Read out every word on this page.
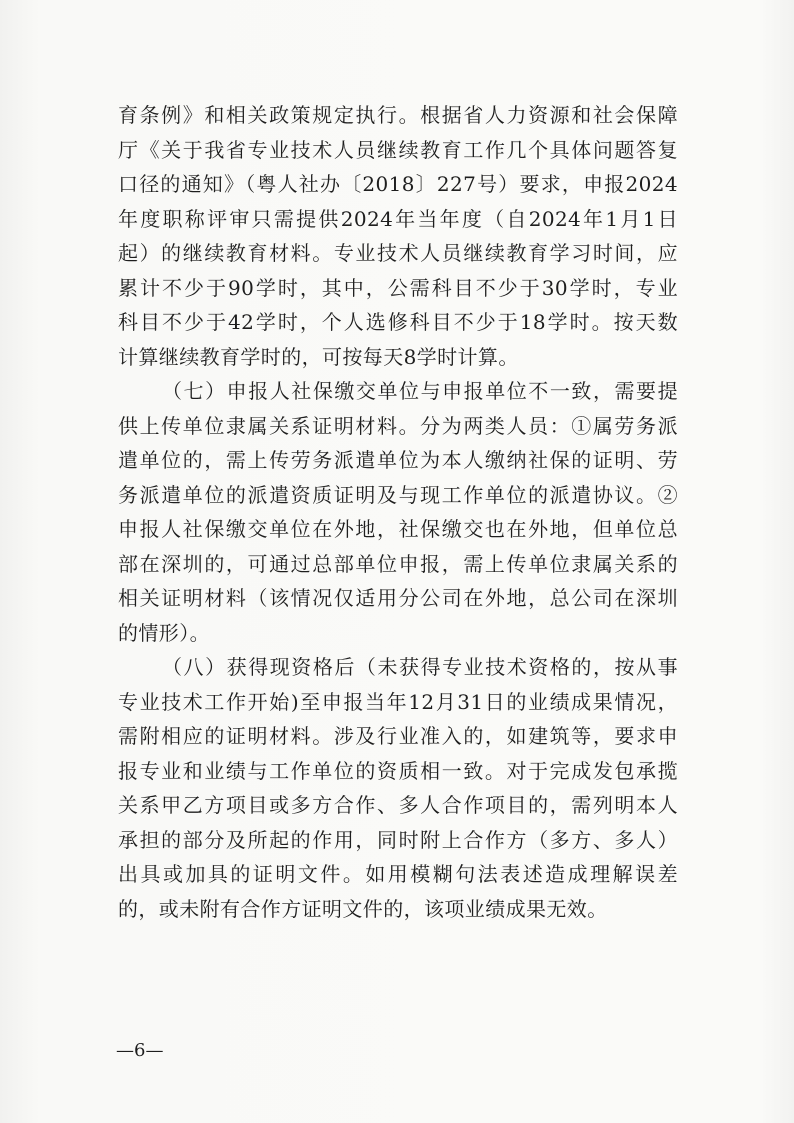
育条例》和相关政策规定执行。根据省人力资源和社会保障
厅《关于我省专业技术人员继续教育工作几个具体问题答复
口径的通知》（粤人社办〔2018〕227号）要求，申报2024
年度职称评审只需提供2024年当年度（自2024年1月1日
起）的继续教育材料。专业技术人员继续教育学习时间，应
累计不少于90学时，其中，公需科目不少于30学时，专业
科目不少于42学时，个人选修科目不少于18学时。按天数
计算继续教育学时的，可按每天8学时计算。
（七）申报人社保缴交单位与申报单位不一致，需要提
供上传单位隶属关系证明材料。分为两类人员：①属劳务派
遣单位的，需上传劳务派遣单位为本人缴纳社保的证明、劳
务派遣单位的派遣资质证明及与现工作单位的派遣协议。②
申报人社保缴交单位在外地，社保缴交也在外地，但单位总
部在深圳的，可通过总部单位申报，需上传单位隶属关系的
相关证明材料（该情况仅适用分公司在外地，总公司在深圳
的情形）。
（八）获得现资格后（未获得专业技术资格的，按从事
专业技术工作开始)至申报当年12月31日的业绩成果情况，
需附相应的证明材料。涉及行业准入的，如建筑等，要求申
报专业和业绩与工作单位的资质相一致。对于完成发包承揽
关系甲乙方项目或多方合作、多人合作项目的，需列明本人
承担的部分及所起的作用，同时附上合作方（多方、多人）
出具或加具的证明文件。如用模糊句法表述造成理解误差
的，或未附有合作方证明文件的，该项业绩成果无效。
—6—
